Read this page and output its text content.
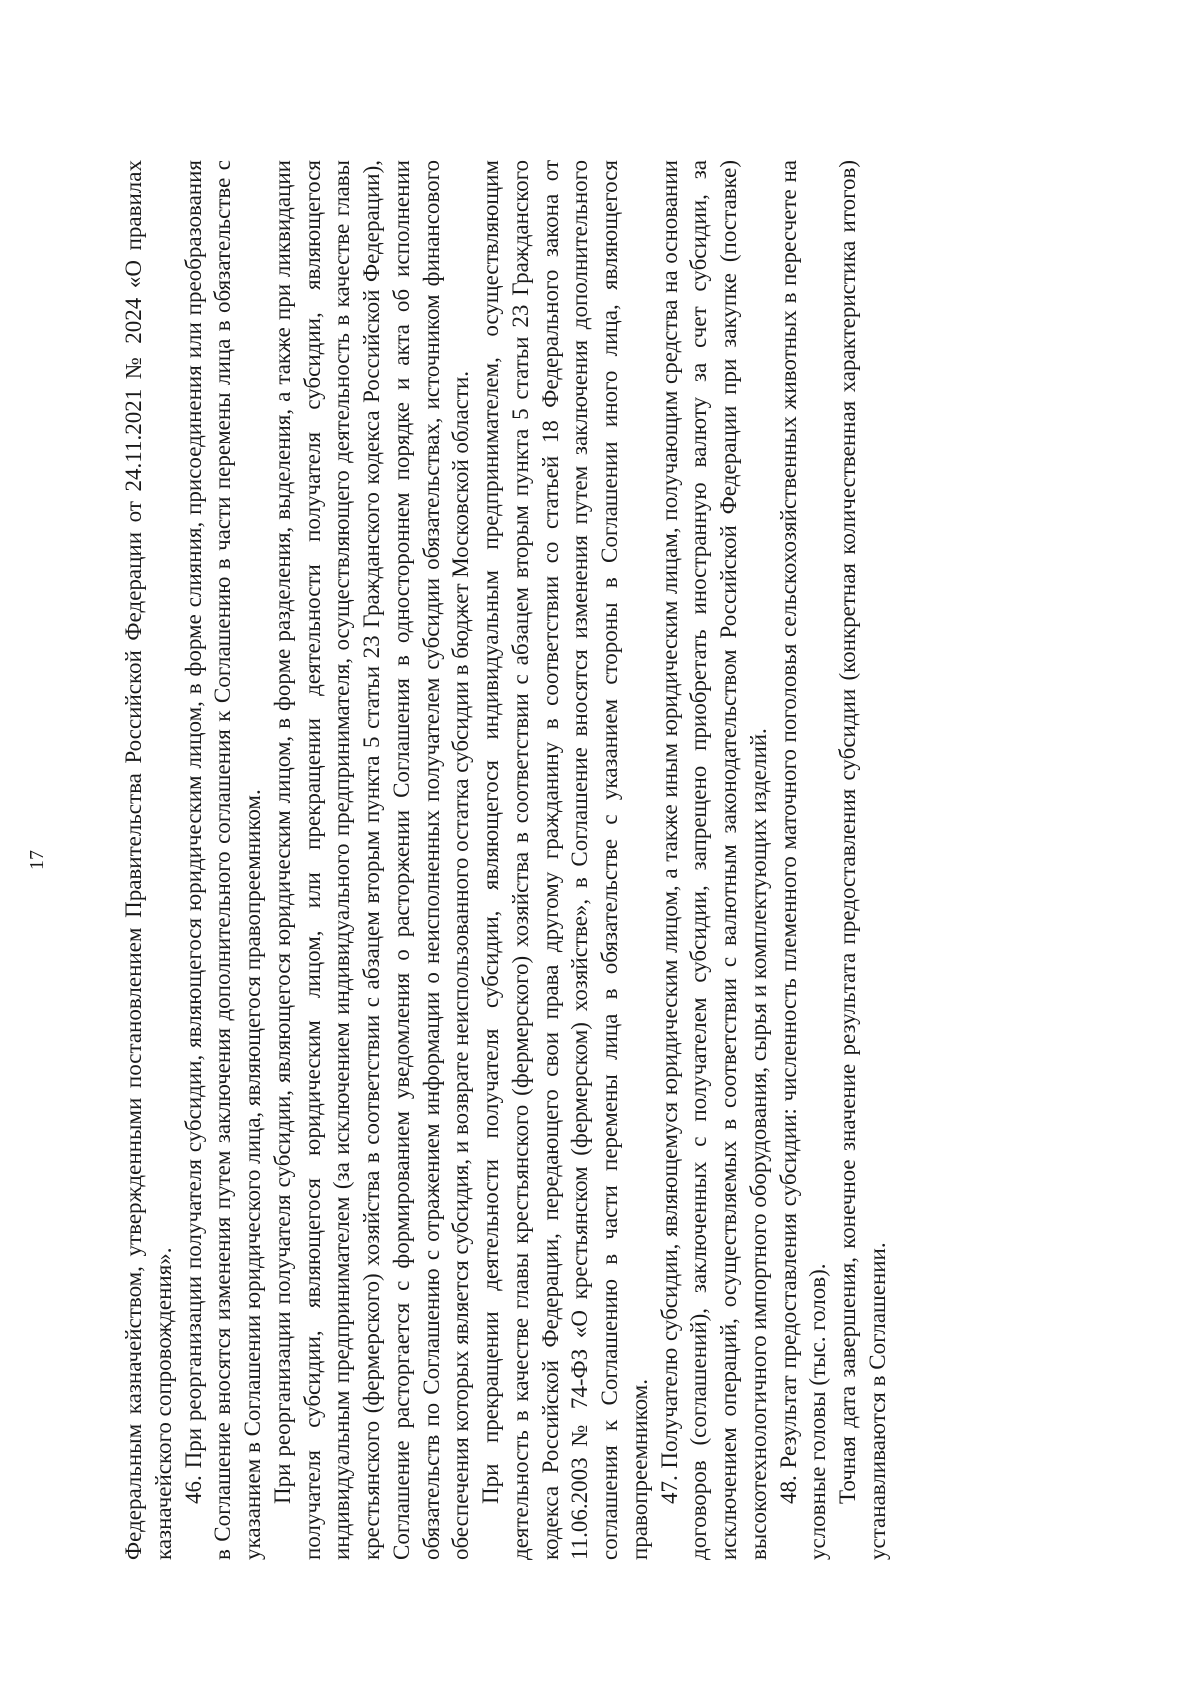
17	Федеральным казначейством, утвержденными постановлением Правительства Российской Федерации от 24.11.2021 № 2024 «О правилах казначейского сопровождения». 46. При реорганизации получателя субсидии, являющегося юридическим лицом, в форме слияния, присоединения или преобразования в Соглашение вносятся изменения путем заключения дополнительного соглашения к Соглашению в части перемены лица в обязательстве с указанием в Соглашении юридического лица, являющегося правопреемником. При реорганизации получателя субсидии, являющегося юридическим лицом, в форме разделения, выделения, а также при ликвидации получателя субсидии, являющегося юридическим лицом, или прекращении деятельности получателя субсидии, являющегося индивидуальным предпринимателем (за исключением индивидуального предпринимателя, осуществляющего деятельность в качестве главы крестьянского (фермерского) хозяйства в соответствии с абзацем вторым пункта 5 статьи 23 Гражданского кодекса Российской Федерации), Соглашение расторгается с формированием уведомления о расторжении Соглашения в одностороннем порядке и акта об исполнении обязательств по Соглашению с отражением информации о неисполненных получателем субсидии обязательствах, источником финансового обеспечения которых является субсидия, и возврате неиспользованного остатка субсидии в бюджет Московской области. При прекращении деятельности получателя субсидии, являющегося индивидуальным предпринимателем, осуществляющим деятельность в качестве главы крестьянского (фермерского) хозяйства в соответствии с абзацем вторым пункта 5 статьи 23 Гражданского кодекса Российской Федерации, передающего свои права другому гражданину в соответствии со статьей 18 Федерального закона от 11.06.2003 № 74-ФЗ «О крестьянском (фермерском) хозяйстве», в Соглашение вносятся изменения путем заключения дополнительного соглашения к Соглашению в части перемены лица в обязательстве с указанием стороны в Соглашении иного лица, являющегося правопреемником. 47. Получателю субсидии, являющемуся юридическим лицом, а также иным юридическим лицам, получающим средства на основании договоров (соглашений), заключенных с получателем субсидии, запрещено приобретать иностранную валюту за счет субсидии, за исключением операций, осуществляемых в соответствии с валютным законодательством Российской Федерации при закупке (поставке) высокотехнологичного импортного оборудования, сырья и комплектующих изделий. 48. Результат предоставления субсидии: численность племенного маточного поголовья сельскохозяйственных животных в пересчете на условные головы (тыс. голов). Точная дата завершения, конечное значение результата предоставления субсидии (конкретная количественная характеристика итогов) устанавливаются в Соглашении.
